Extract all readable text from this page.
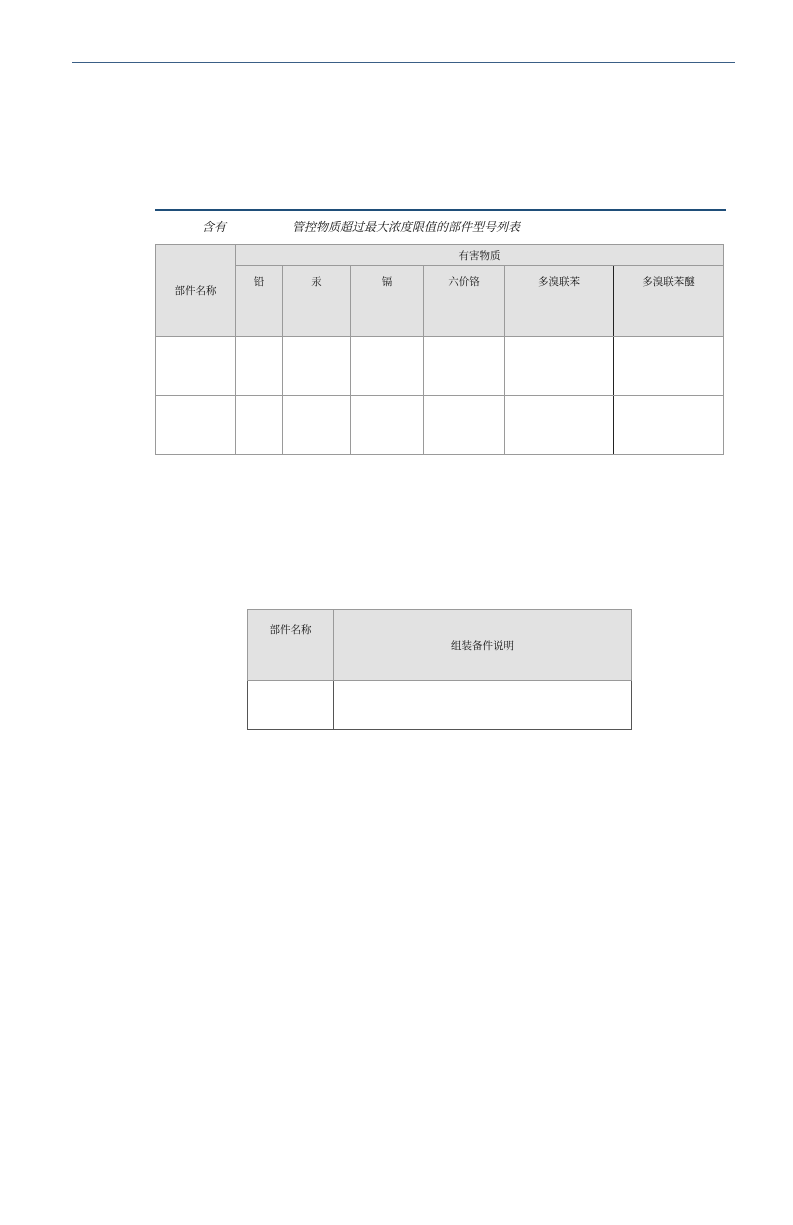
含有	管控物质超过最大浓度限值的部件型号列表
部件名称	有害物质					
	铅	汞	镉	六价铬	多溴联苯	多溴联苯醚

部件名称	组装备件说明
